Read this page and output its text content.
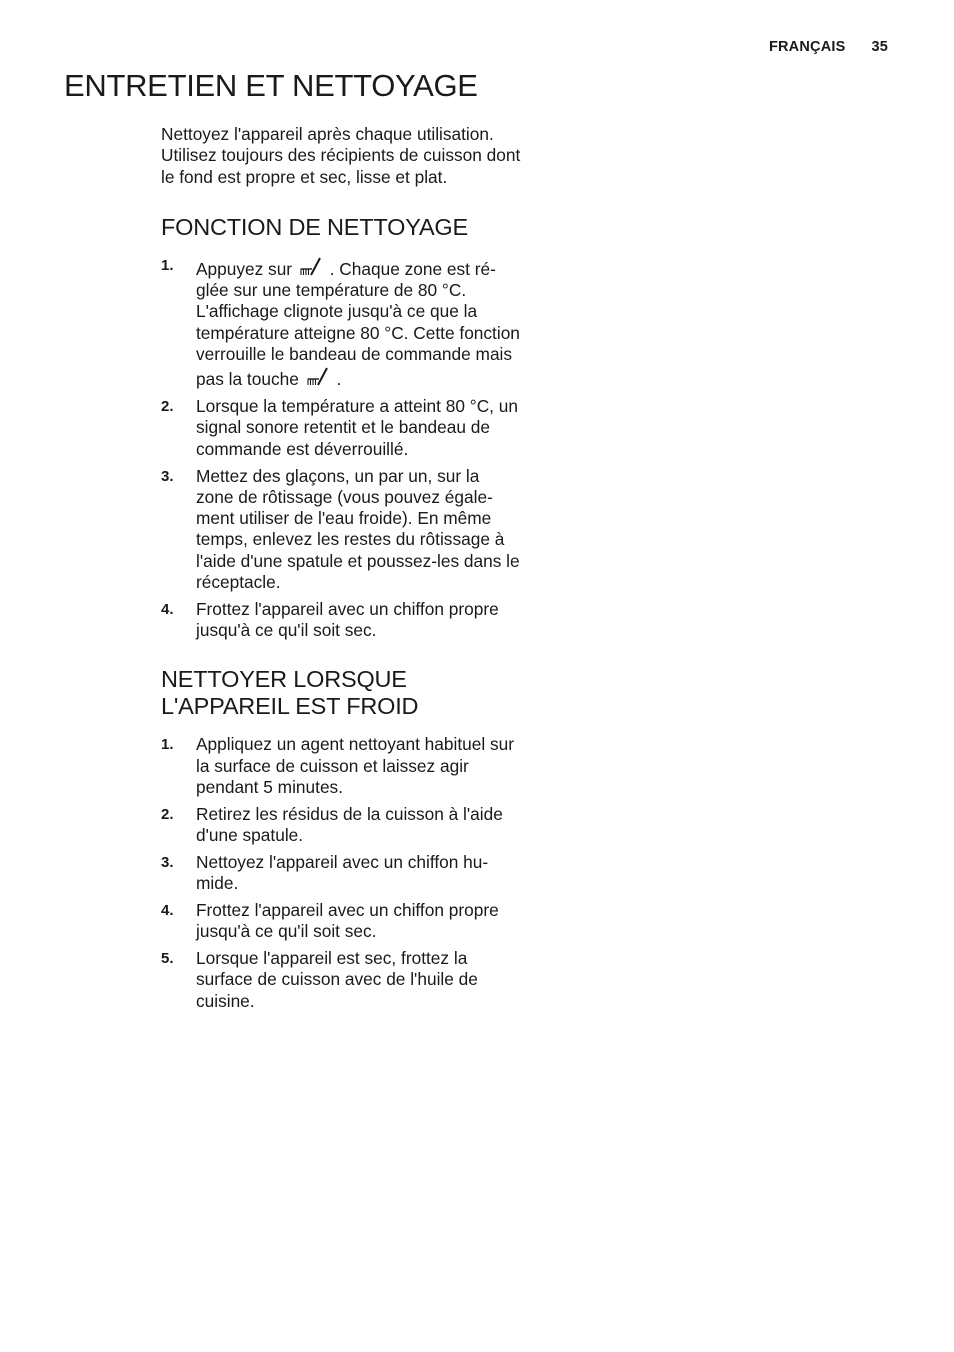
FRANÇAIS 35
ENTRETIEN ET NETTOYAGE

Nettoyez l'appareil après chaque utilisation. Utilisez toujours des récipients de cuisson dont le fond est propre et sec, lisse et plat.

FONCTION DE NETTOYAGE
1. Appuyez sur . Chaque zone est réglée sur une température de 80 °C. L'affichage clignote jusqu'à ce que la température atteigne 80 °C. Cette fonction verrouille le bandeau de commande mais pas la touche .
2. Lorsque la température a atteint 80 °C, un signal sonore retentit et le bandeau de commande est déverrouillé.
3. Mettez des glaçons, un par un, sur la zone de rôtissage (vous pouvez également utiliser de l'eau froide). En même temps, enlevez les restes du rôtissage à l'aide d'une spatule et poussez-les dans le réceptacle.
4. Frottez l'appareil avec un chiffon propre jusqu'à ce qu'il soit sec.
NETTOYER LORSQUE
L'APPAREIL EST FROID
1. Appliquez un agent nettoyant habituel sur la surface de cuisson et laissez agir pendant 5 minutes.
2. Retirez les résidus de la cuisson à l'aide d'une spatule.
3. Nettoyez l'appareil avec un chiffon humide.
4. Frottez l'appareil avec un chiffon propre jusqu'à ce qu'il soit sec.
5. Lorsque l'appareil est sec, frottez la surface de cuisson avec de l'huile de cuisine.
